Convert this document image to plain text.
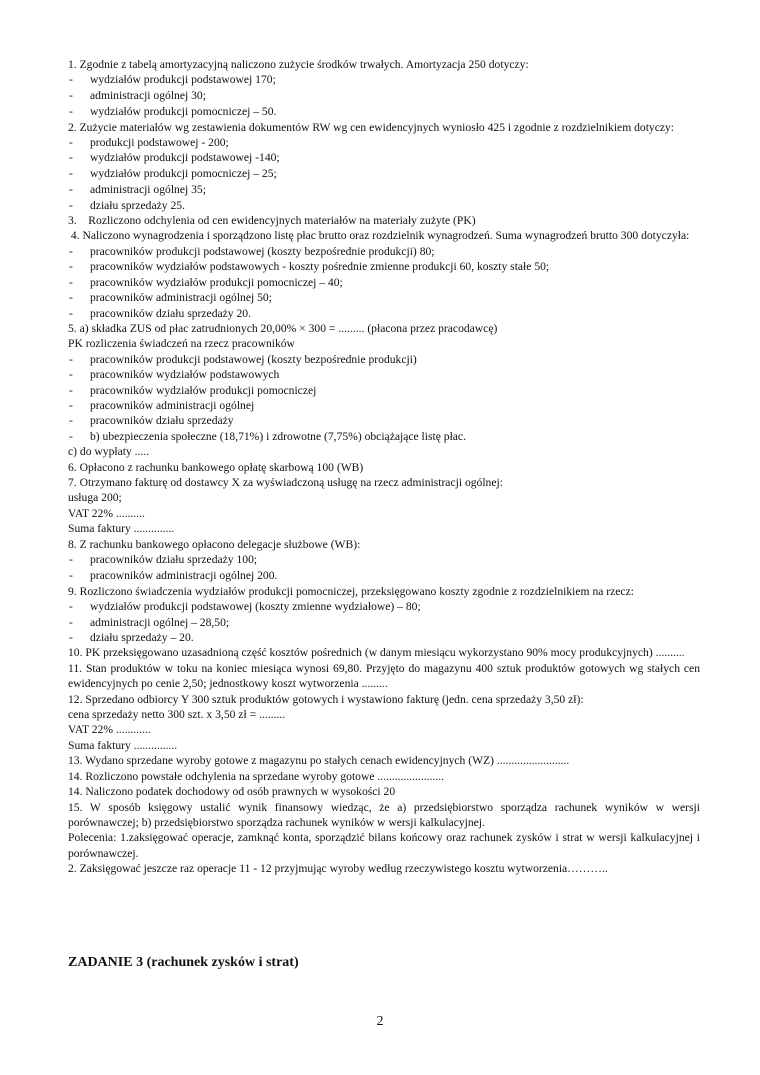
1. Zgodnie z tabelą amortyzacyjną naliczono zużycie środków trwałych. Amortyzacja 250 dotyczy:

- wydziałów produkcji podstawowej 170;

- administracji ogólnej 30;

- wydziałów produkcji pomocniczej – 50.

2. Zużycie materiałów wg zestawienia dokumentów RW wg cen ewidencyjnych wyniosło 425 i zgodnie z rozdzielnikiem dotyczy:

- produkcji podstawowej - 200;

- wydziałów produkcji podstawowej -140;

- wydziałów produkcji pomocniczej – 25;

- administracji ogólnej 35;

- działu sprzedaży 25.

3.    Rozliczono odchylenia od cen ewidencyjnych materiałów na materiały zużyte (PK)

4. Naliczono wynagrodzenia i sporządzono listę płac brutto oraz rozdzielnik wynagrodzeń. Suma wynagrodzeń brutto 300 dotyczyła:

- pracowników produkcji podstawowej (koszty bezpośrednie produkcji) 80;

- pracowników wydziałów podstawowych - koszty pośrednie zmienne produkcji 60, koszty stałe 50;

- pracowników wydziałów produkcji pomocniczej – 40;

- pracowników administracji ogólnej 50;

- pracowników działu sprzedaży 20.

5. a) składka ZUS od płac zatrudnionych 20,00% × 300 = ......... (płacona przez pracodawcę)

PK rozliczenia świadczeń na rzecz pracowników

- pracowników produkcji podstawowej (koszty bezpośrednie produkcji)

- pracowników wydziałów podstawowych

- pracowników wydziałów produkcji pomocniczej

- pracowników administracji ogólnej

- pracowników działu sprzedaży

- b) ubezpieczenia społeczne (18,71%) i zdrowotne (7,75%) obciążające listę płac.

c) do wypłaty .....

6. Opłacono z rachunku bankowego opłatę skarbową 100 (WB)

7. Otrzymano fakturę od dostawcy X za wyświadczoną usługę na rzecz administracji ogólnej:

usługa 200;

VAT 22% ..........

Suma faktury ..............

8. Z rachunku bankowego opłacono delegacje służbowe (WB):

- pracowników działu sprzedaży 100;

- pracowników administracji ogólnej 200.

9. Rozliczono świadczenia wydziałów produkcji pomocniczej, przeksięgowano koszty zgodnie z rozdzielnikiem na rzecz:

- wydziałów produkcji podstawowej (koszty zmienne wydziałowe) – 80;

- administracji ogólnej – 28,50;

- działu sprzedaży – 20.

10. PK przeksięgowano uzasadnioną część kosztów pośrednich (w danym miesiącu wykorzystano 90% mocy produkcyjnych) ..........

11. Stan produktów w toku na koniec miesiąca wynosi 69,80. Przyjęto do magazynu 400 sztuk produktów gotowych wg stałych cen ewidencyjnych po cenie 2,50; jednostkowy koszt wytworzenia .........

12. Sprzedano odbiorcy Y 300 sztuk produktów gotowych i wystawiono fakturę (jedn. cena sprzedaży 3,50 zł):

cena sprzedaży netto 300 szt. x 3,50 zł = .........

VAT 22% ............

Suma faktury ...............

13. Wydano sprzedane wyroby gotowe z magazynu po stałych cenach ewidencyjnych (WZ) .........................

14. Rozliczono powstałe odchylenia na sprzedane wyroby gotowe .......................

14. Naliczono podatek dochodowy od osób prawnych w wysokości 20

15. W sposób księgowy ustalić wynik finansowy wiedząc, że a) przedsiębiorstwo sporządza rachunek wyników w wersji porównawczej; b) przedsiębiorstwo sporządza rachunek wyników w wersji kalkulacyjnej.

Polecenia: 1.zaksięgować operacje, zamknąć konta, sporządzić bilans końcowy oraz rachunek zysków i strat w wersji kalkulacyjnej i porównawczej.

2. Zaksięgować jeszcze raz operacje 11 - 12 przyjmując wyroby według rzeczywistego kosztu wytworzenia………..

ZADANIE 3 (rachunek zysków i strat)

2
